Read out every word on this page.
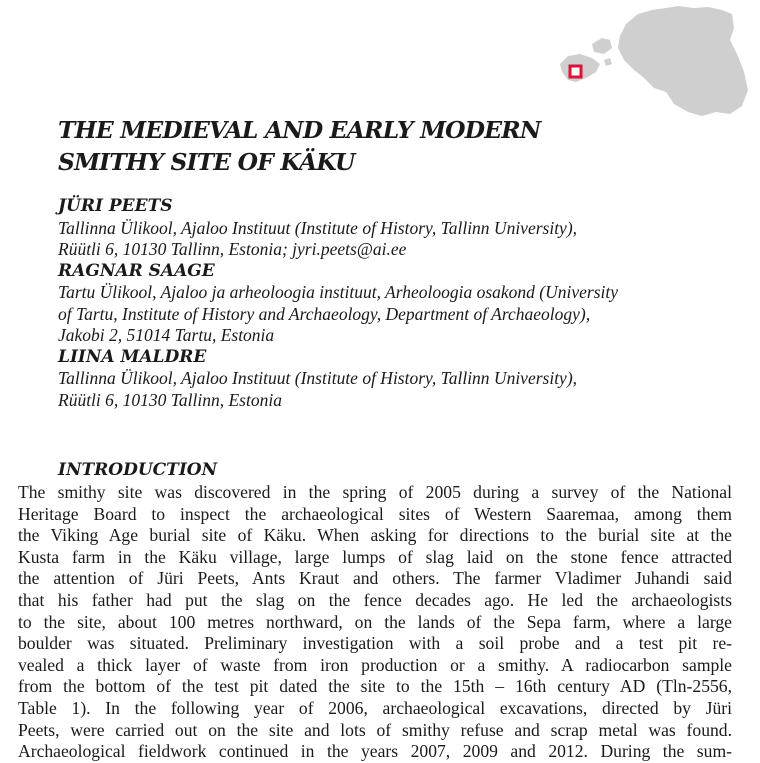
THE MEDIEVAL AND EARLY MODERN
SMITHY SITE OF KÄKU
JÜRI PEETS
Tallinna Ülikool, Ajaloo Instituut (Institute of History, Tallinn University),
Rüütli 6, 10130 Tallinn, Estonia; jyri.peets@ai.ee
RAGNAR SAAGE
Tartu Ülikool, Ajaloo ja arheoloogia instituut, Arheoloogia osakond (University
of Tartu, Institute of History and Archaeology, Department of Archaeology),
Jakobi 2, 51014 Tartu, Estonia
LIINA MALDRE
Tallinna Ülikool, Ajaloo Instituut (Institute of History, Tallinn University),
Rüütli 6, 10130 Tallinn, Estonia
INTRODUCTION
The smithy site was discovered in the spring of 2005 during a survey of the National
Heritage Board to inspect the archaeological sites of Western Saaremaa, among them
the Viking Age burial site of Käku. When asking for directions to the burial site at the
Kusta farm in the Käku village, large lumps of slag laid on the stone fence attracted
the attention of Jüri Peets, Ants Kraut and others. The farmer Vladimer Juhandi said
that his father had put the slag on the fence decades ago. He led the archaeologists
to the site, about 100 metres northward, on the lands of the Sepa farm, where a large
boulder was situated. Preliminary investigation with a soil probe and a test pit re-
vealed a thick layer of waste from iron production or a smithy. A radiocarbon sample
from the bottom of the test pit dated the site to the 15th – 16th century AD (Tln-2556,
Table 1). In the following year of 2006, archaeological excavations, directed by Jüri
Peets, were carried out on the site and lots of smithy refuse and scrap metal was found.
Archaeological fieldwork continued in the years 2007, 2009 and 2012. During the sum-
